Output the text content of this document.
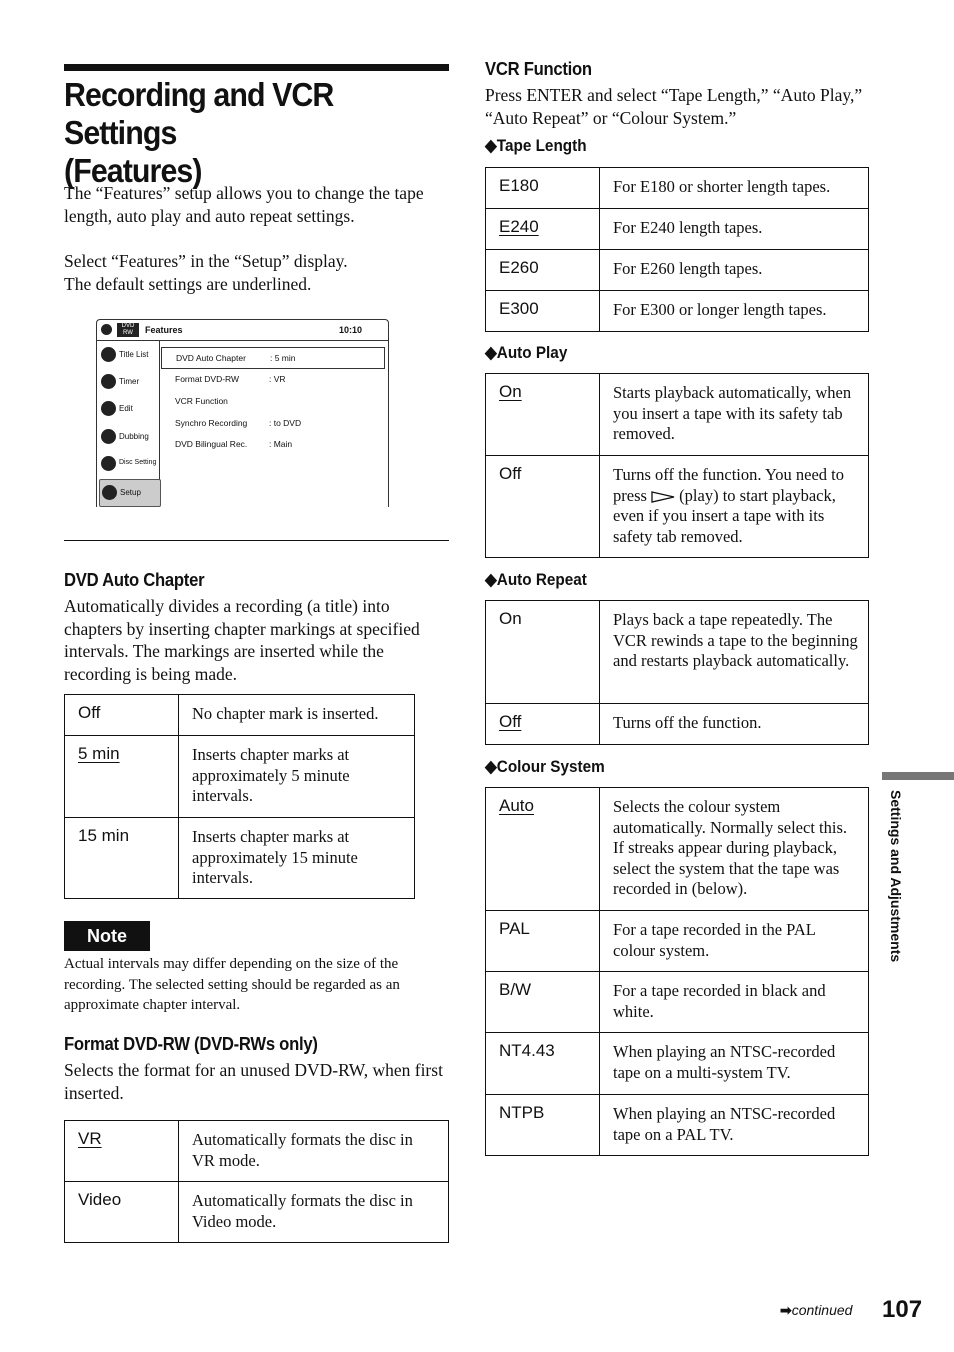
Recording and VCR Settings
(Features)
The “Features” setup allows you to change the tape length, auto play and auto repeat settings.
Select “Features” in the “Setup” display.
The default settings are underlined.
DVD RW	Features	10:10
Title List
Timer
Edit
Dubbing
Disc Setting
Setup
DVD Auto Chapter	: 5 min
Format DVD-RW	: VR
VCR Function
Synchro Recording	: to DVD
DVD Bilingual Rec.	: Main
DVD Auto Chapter
Automatically divides a recording (a title) into chapters by inserting chapter markings at specified intervals. The markings are inserted while the recording is being made.
Off	No chapter mark is inserted.
5 min	Inserts chapter marks at approximately 5 minute intervals.
15 min	Inserts chapter marks at approximately 15 minute intervals.
Note
Actual intervals may differ depending on the size of the recording. The selected setting should be regarded as an approximate chapter interval.
Format DVD-RW (DVD-RWs only)
Selects the format for an unused DVD-RW, when first inserted.
VR	Automatically formats the disc in VR mode.
Video	Automatically formats the disc in Video mode.
VCR Function
Press ENTER and select “Tape Length,” “Auto Play,” “Auto Repeat” or “Colour System.”
◆Tape Length
E180	For E180 or shorter length tapes.
E240	For E240 length tapes.
E260	For E260 length tapes.
E300	For E300 or longer length tapes.
◆Auto Play
On	Starts playback automatically, when you insert a tape with its safety tab removed.
Off	Turns off the function. You need to press (play) to start playback, even if you insert a tape with its safety tab removed.
◆Auto Repeat
On	Plays back a tape repeatedly. The VCR rewinds a tape to the beginning and restarts playback automatically.
Off	Turns off the function.
◆Colour System
Auto	Selects the colour system automatically. Normally select this. If streaks appear during playback, select the system that the tape was recorded in (below).
PAL	For a tape recorded in the PAL colour system.
B/W	For a tape recorded in black and white.
NT4.43	When playing an NTSC-recorded tape on a multi-system TV.
NTPB	When playing an NTSC-recorded tape on a PAL TV.
Settings and Adjustments
➡continued 107
